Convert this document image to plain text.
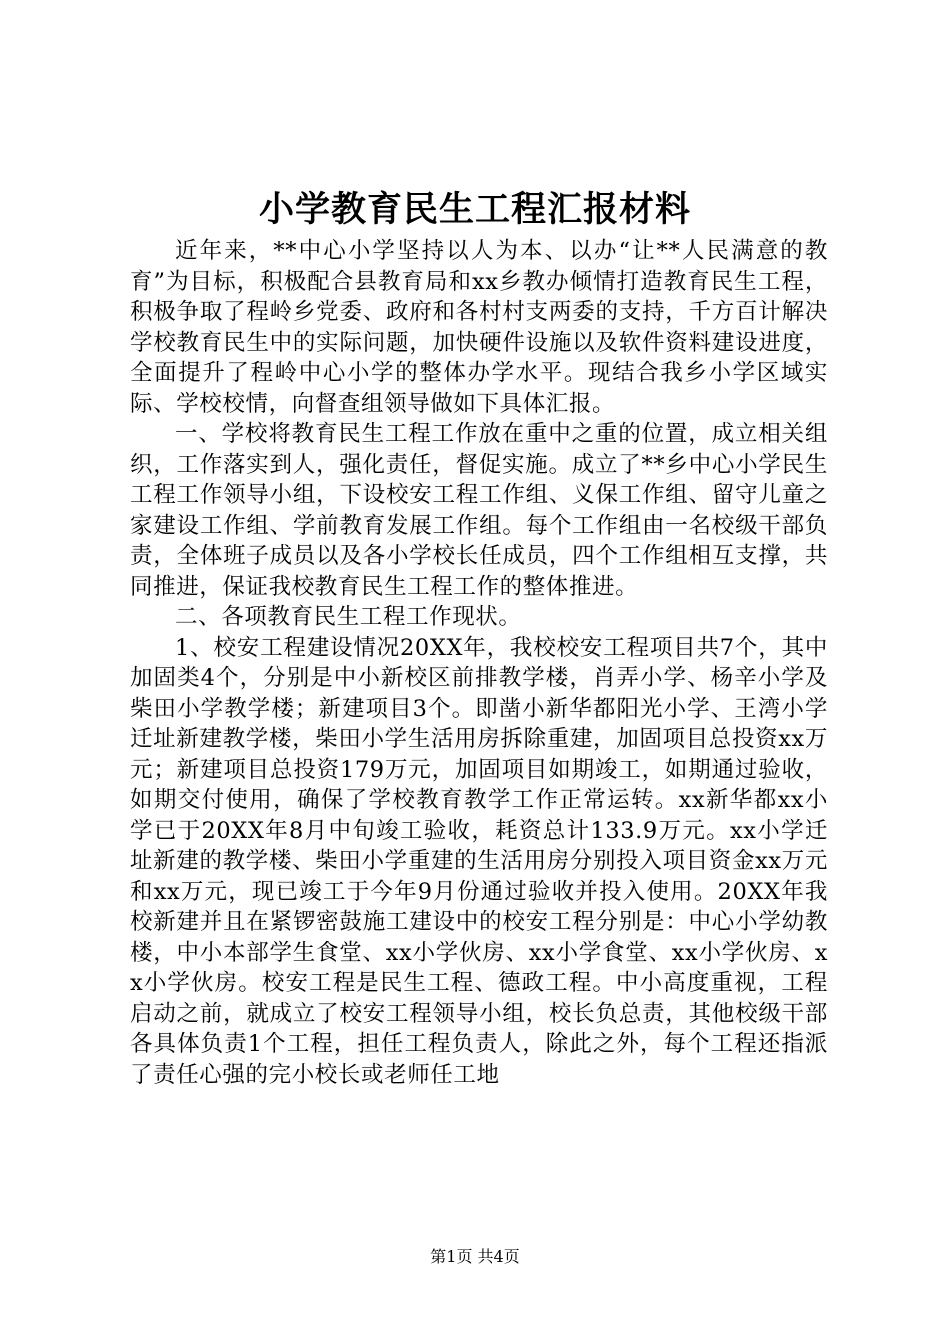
小学教育民生工程汇报材料

近年来，**中心小学坚持以人为本、以办“让**人民满意的教育”为目标，积极配合县教育局和xx乡教办倾情打造教育民生工程，积极争取了程岭乡党委、政府和各村村支两委的支持，千方百计解决学校教育民生中的实际问题，加快硬件设施以及软件资料建设进度，全面提升了程岭中心小学的整体办学水平。现结合我乡小学区域实际、学校校情，向督查组领导做如下具体汇报。

一、学校将教育民生工程工作放在重中之重的位置，成立相关组织，工作落实到人，强化责任，督促实施。成立了**乡中心小学民生工程工作领导小组，下设校安工程工作组、义保工作组、留守儿童之家建设工作组、学前教育发展工作组。每个工作组由一名校级干部负责，全体班子成员以及各小学校长任成员，四个工作组相互支撑，共同推进，保证我校教育民生工程工作的整体推进。

二、各项教育民生工程工作现状。

1、校安工程建设情况20XX年，我校校安工程项目共7个，其中加固类4个，分别是中小新校区前排教学楼，肖弄小学、杨辛小学及柴田小学教学楼；新建项目3个。即凿小新华都阳光小学、王湾小学迁址新建教学楼，柴田小学生活用房拆除重建，加固项目总投资xx万元；新建项目总投资179万元，加固项目如期竣工，如期通过验收，如期交付使用，确保了学校教育教学工作正常运转。xx新华都xx小学已于20XX年8月中旬竣工验收，耗资总计133.9万元。xx小学迁址新建的教学楼、柴田小学重建的生活用房分别投入项目资金xx万元和xx万元，现已竣工于今年9月份通过验收并投入使用。20XX年我校新建并且在紧锣密鼓施工建设中的校安工程分别是：中心小学幼教楼，中小本部学生食堂、xx小学伙房、xx小学食堂、xx小学伙房、xx小学伙房。校安工程是民生工程、德政工程。中小高度重视，工程启动之前，就成立了校安工程领导小组，校长负总责，其他校级干部各具体负责1个工程，担任工程负责人，除此之外，每个工程还指派了责任心强的完小校长或老师任工地

第1页 共4页
